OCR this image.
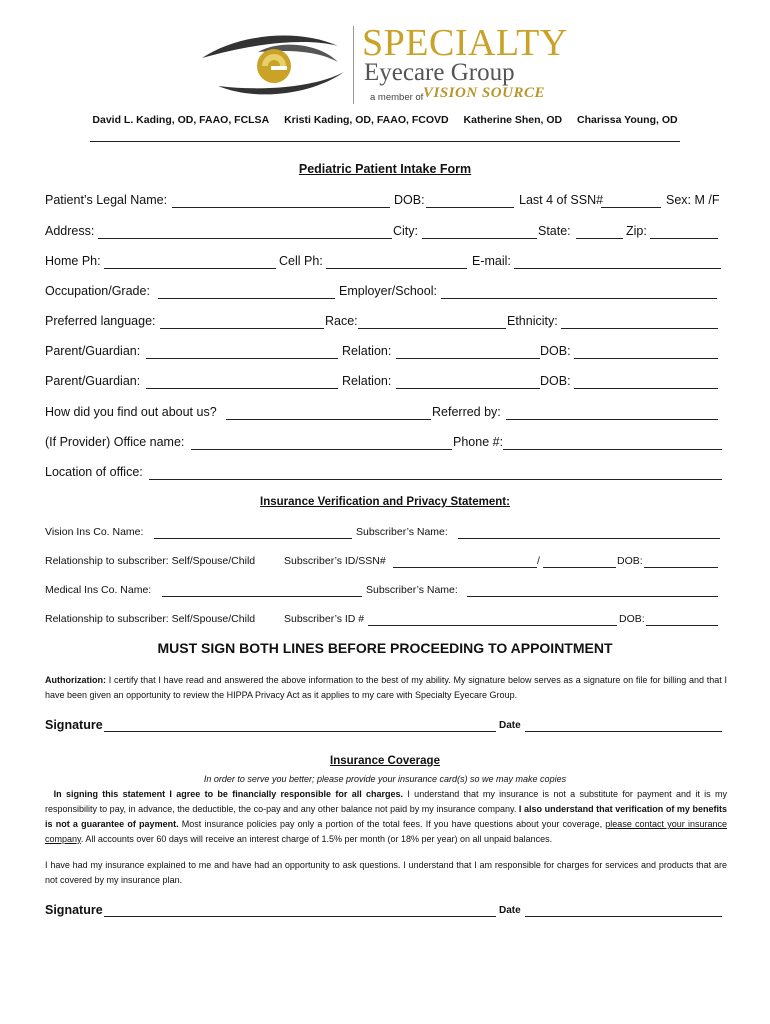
SPECIALTY
Eyecare Group
a member of VISION SOURCE
David L. Kading, OD, FAAO, FCLSA Kristi Kading, OD, FAAO, FCOVD Katherine Shen, OD Charissa Young, OD
Pediatric Patient Intake Form
Patient’s Legal Name:	DOB:	Last 4 of SSN#	Sex: M /F
Address:	City:	State:	Zip:
Home Ph:	Cell Ph:	E-mail:
Occupation/Grade:	Employer/School:
Preferred language:	Race:	Ethnicity:
Parent/Guardian:	Relation:	DOB:
Parent/Guardian:	Relation:	DOB:
How did you find out about us?	Referred by:
(If Provider) Office name:	Phone #:
Location of office:
Insurance Verification and Privacy Statement:
Vision Ins Co. Name:	Subscriber’s Name:
Relationship to subscriber: Self/Spouse/Child	Subscriber’s ID/SSN#	/	DOB:
Medical Ins Co. Name:	Subscriber’s Name:
Relationship to subscriber: Self/Spouse/Child	Subscriber’s ID #	DOB:
MUST SIGN BOTH LINES BEFORE PROCEEDING TO APPOINTMENT
Authorization: I certify that I have read and answered the above information to the best of my ability. My signature below serves as a signature on file for billing and that I have been given an opportunity to review the HIPPA Privacy Act as it applies to my care with Specialty Eyecare Group.
Signature	Date
Insurance Coverage
In order to serve you better; please provide your insurance card(s) so we may make copies
In signing this statement I agree to be financially responsible for all charges. I understand that my insurance is not a substitute for payment and it is my responsibility to pay, in advance, the deductible, the co-pay and any other balance not paid by my insurance company. I also understand that verification of my benefits is not a guarantee of payment. Most insurance policies pay only a portion of the total fees. If you have questions about your coverage, please contact your insurance company. All accounts over 60 days will receive an interest charge of 1.5% per month (or 18% per year) on all unpaid balances.
I have had my insurance explained to me and have had an opportunity to ask questions. I understand that I am responsible for charges for services and products that are not covered by my insurance plan.
Signature	Date
